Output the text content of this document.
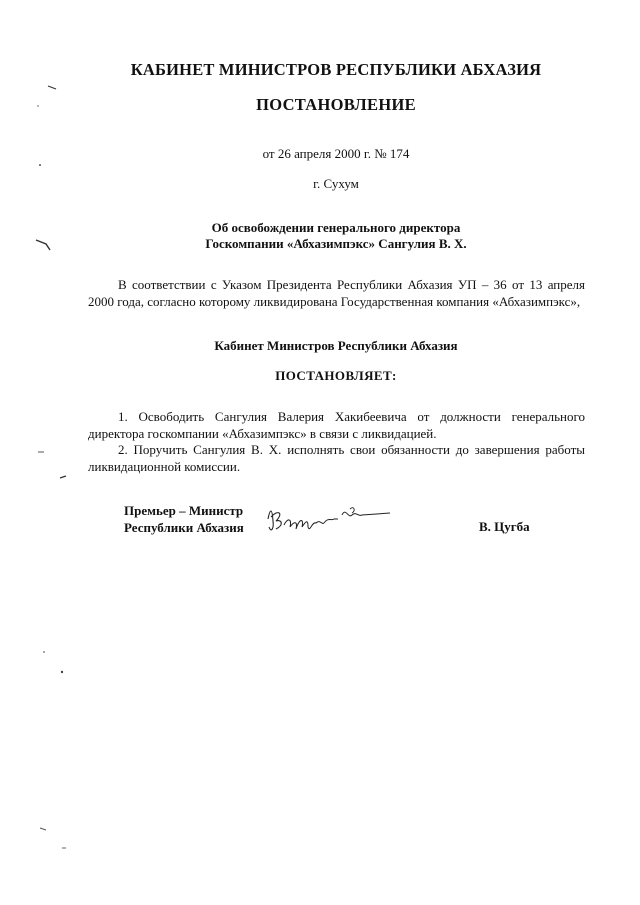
КАБИНЕТ МИНИСТРОВ РЕСПУБЛИКИ АБХАЗИЯ
ПОСТАНОВЛЕНИЕ
от 26 апреля 2000 г. № 174
г. Сухум
Об освобождении генерального директора
Госкомпании «Абхазимпэкс» Сангулия В. Х.
В соответствии с Указом Президента Республики Абхазия УП – 36 от 13 апреля 2000 года, согласно которому ликвидирована Государственная компания «Абхазимпэкс»,
Кабинет Министров Республики Абхазия
ПОСТАНОВЛЯЕТ:
1. Освободить Сангулия Валерия Хакибеевича от должности генерального директора госкомпании «Абхазимпэкс» в связи с ликвидацией.
2. Поручить Сангулия В. Х. исполнять свои обязанности до завершения работы ликвидационной комиссии.
Премьер – Министр
Республики Абхазия	В. Цугба
